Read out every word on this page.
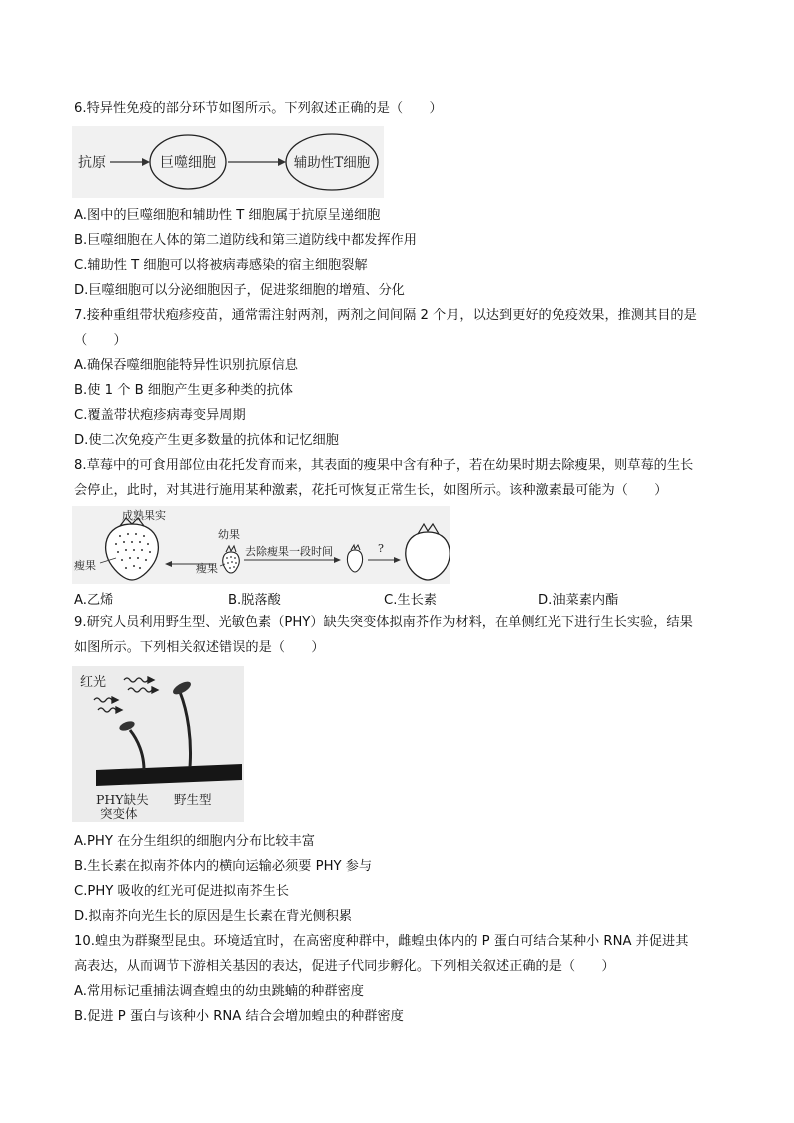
6.特异性免疫的部分环节如图所示。下列叙述正确的是（　　）
抗原	巨噬细胞	辅助性T细胞
A.图中的巨噬细胞和辅助性 T 细胞属于抗原呈递细胞
B.巨噬细胞在人体的第二道防线和第三道防线中都发挥作用
C.辅助性 T 细胞可以将被病毒感染的宿主细胞裂解
D.巨噬细胞可以分泌细胞因子，促进浆细胞的增殖、分化
7.接种重组带状疱疹疫苗，通常需注射两剂，两剂之间间隔 2 个月，以达到更好的免疫效果，推测其目的是
（　　）
A.确保吞噬细胞能特异性识别抗原信息
B.使 1 个 B 细胞产生更多种类的抗体
C.覆盖带状疱疹病毒变异周期
D.使二次免疫产生更多数量的抗体和记忆细胞
8.草莓中的可食用部位由花托发育而来，其表面的瘦果中含有种子，若在幼果时期去除瘦果，则草莓的生长
会停止，此时，对其进行施用某种激素，花托可恢复正常生长，如图所示。该种激素最可能为（　　）
成熟果实
瘦果
幼果
瘦果
去除瘦果一段时间	?
A.乙烯	B.脱落酸	C.生长素	D.油菜素内酯
9.研究人员利用野生型、光敏色素（PHY）缺失突变体拟南芥作为材料，在单侧红光下进行生长实验，结果
如图所示。下列相关叙述错误的是（　　）
红光
PHY缺失
突变体
野生型
A.PHY 在分生组织的细胞内分布比较丰富
B.生长素在拟南芥体内的横向运输必须要 PHY 参与
C.PHY 吸收的红光可促进拟南芥生长
D.拟南芥向光生长的原因是生长素在背光侧积累
10.蝗虫为群聚型昆虫。环境适宜时，在高密度种群中，雌蝗虫体内的 P 蛋白可结合某种小 RNA 并促进其
高表达，从而调节下游相关基因的表达，促进子代同步孵化。下列相关叙述正确的是（　　）
A.常用标记重捕法调查蝗虫的幼虫跳蝻的种群密度
B.促进 P 蛋白与该种小 RNA 结合会增加蝗虫的种群密度
